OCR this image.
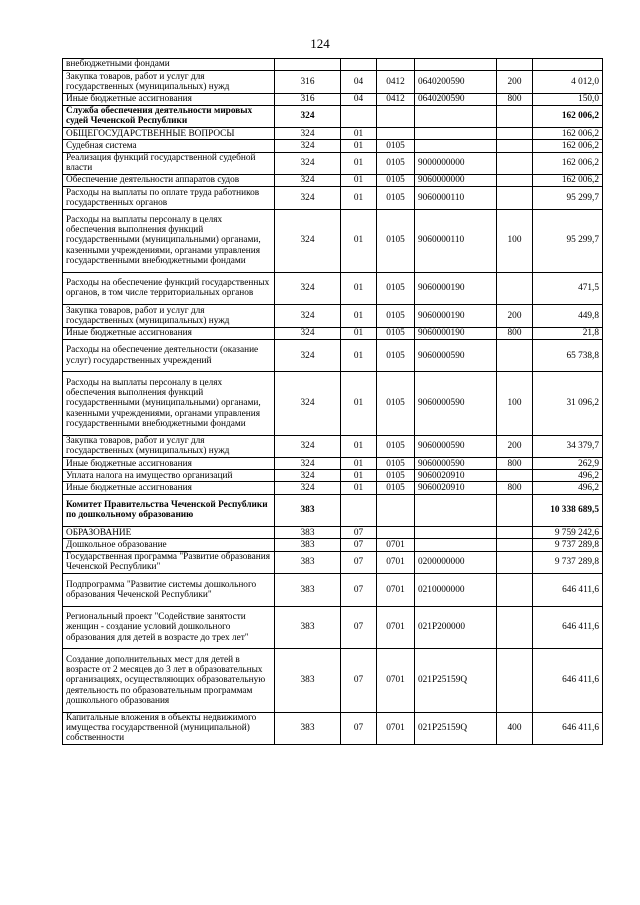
124
внебюджетными фондами						
Закупка товаров, работ и услуг для государственных (муниципальных) нужд	316	04	0412	0640200590	200	4 012,0
Иные бюджетные ассигнования	316	04	0412	0640200590	800	150,0
Служба обеспечения деятельности мировых судей Чеченской Республики	324					162 006,2
ОБЩЕГОСУДАРСТВЕННЫЕ ВОПРОСЫ	324	01				162 006,2
Судебная система	324	01	0105			162 006,2
Реализация функций государственной судебной власти	324	01	0105	9000000000		162 006,2
Обеспечение деятельности аппаратов судов	324	01	0105	9060000000		162 006,2
Расходы на выплаты по оплате труда работников государственных органов	324	01	0105	9060000110		95 299,7
Расходы на выплаты персоналу в целях обеспечения выполнения функций государственными (муниципальными) органами, казенными учреждениями, органами управления государственными внебюджетными фондами	324	01	0105	9060000110	100	95 299,7
Расходы на обеспечение функций государственных органов, в том числе территориальных органов	324	01	0105	9060000190		471,5
Закупка товаров, работ и услуг для государственных (муниципальных) нужд	324	01	0105	9060000190	200	449,8
Иные бюджетные ассигнования	324	01	0105	9060000190	800	21,8
Расходы на обеспечение деятельности (оказание услуг) государственных учреждений	324	01	0105	9060000590		65 738,8
Расходы на выплаты персоналу в целях обеспечения выполнения функций государственными (муниципальными) органами, казенными учреждениями, органами управления государственными внебюджетными фондами	324	01	0105	9060000590	100	31 096,2
Закупка товаров, работ и услуг для государственных (муниципальных) нужд	324	01	0105	9060000590	200	34 379,7
Иные бюджетные ассигнования	324	01	0105	9060000590	800	262,9
Уплата налога на имущество организаций	324	01	0105	9060020910		496,2
Иные бюджетные ассигнования	324	01	0105	9060020910	800	496,2
Комитет Правительства Чеченской Республики по дошкольному образованию	383					10 338 689,5
ОБРАЗОВАНИЕ	383	07				9 759 242,6
Дошкольное образование	383	07	0701			9 737 289,8
Государственная программа "Развитие образования Чеченской Республики"	383	07	0701	0200000000		9 737 289,8
Подпрограмма "Развитие системы дошкольного образования Чеченской Республики"	383	07	0701	0210000000		646 411,6
Региональный проект "Содействие занятости женщин - создание условий дошкольного образования для детей в возрасте до трех лет"	383	07	0701	021P200000		646 411,6
Создание дополнительных мест для детей в возрасте от 2 месяцев до 3 лет в образовательных организациях, осуществляющих образовательную деятельность по образовательным программам дошкольного образования	383	07	0701	021P25159Q		646 411,6
Капитальные вложения в объекты недвижимого имущества государственной (муниципальной) собственности	383	07	0701	021P25159Q	400	646 411,6
